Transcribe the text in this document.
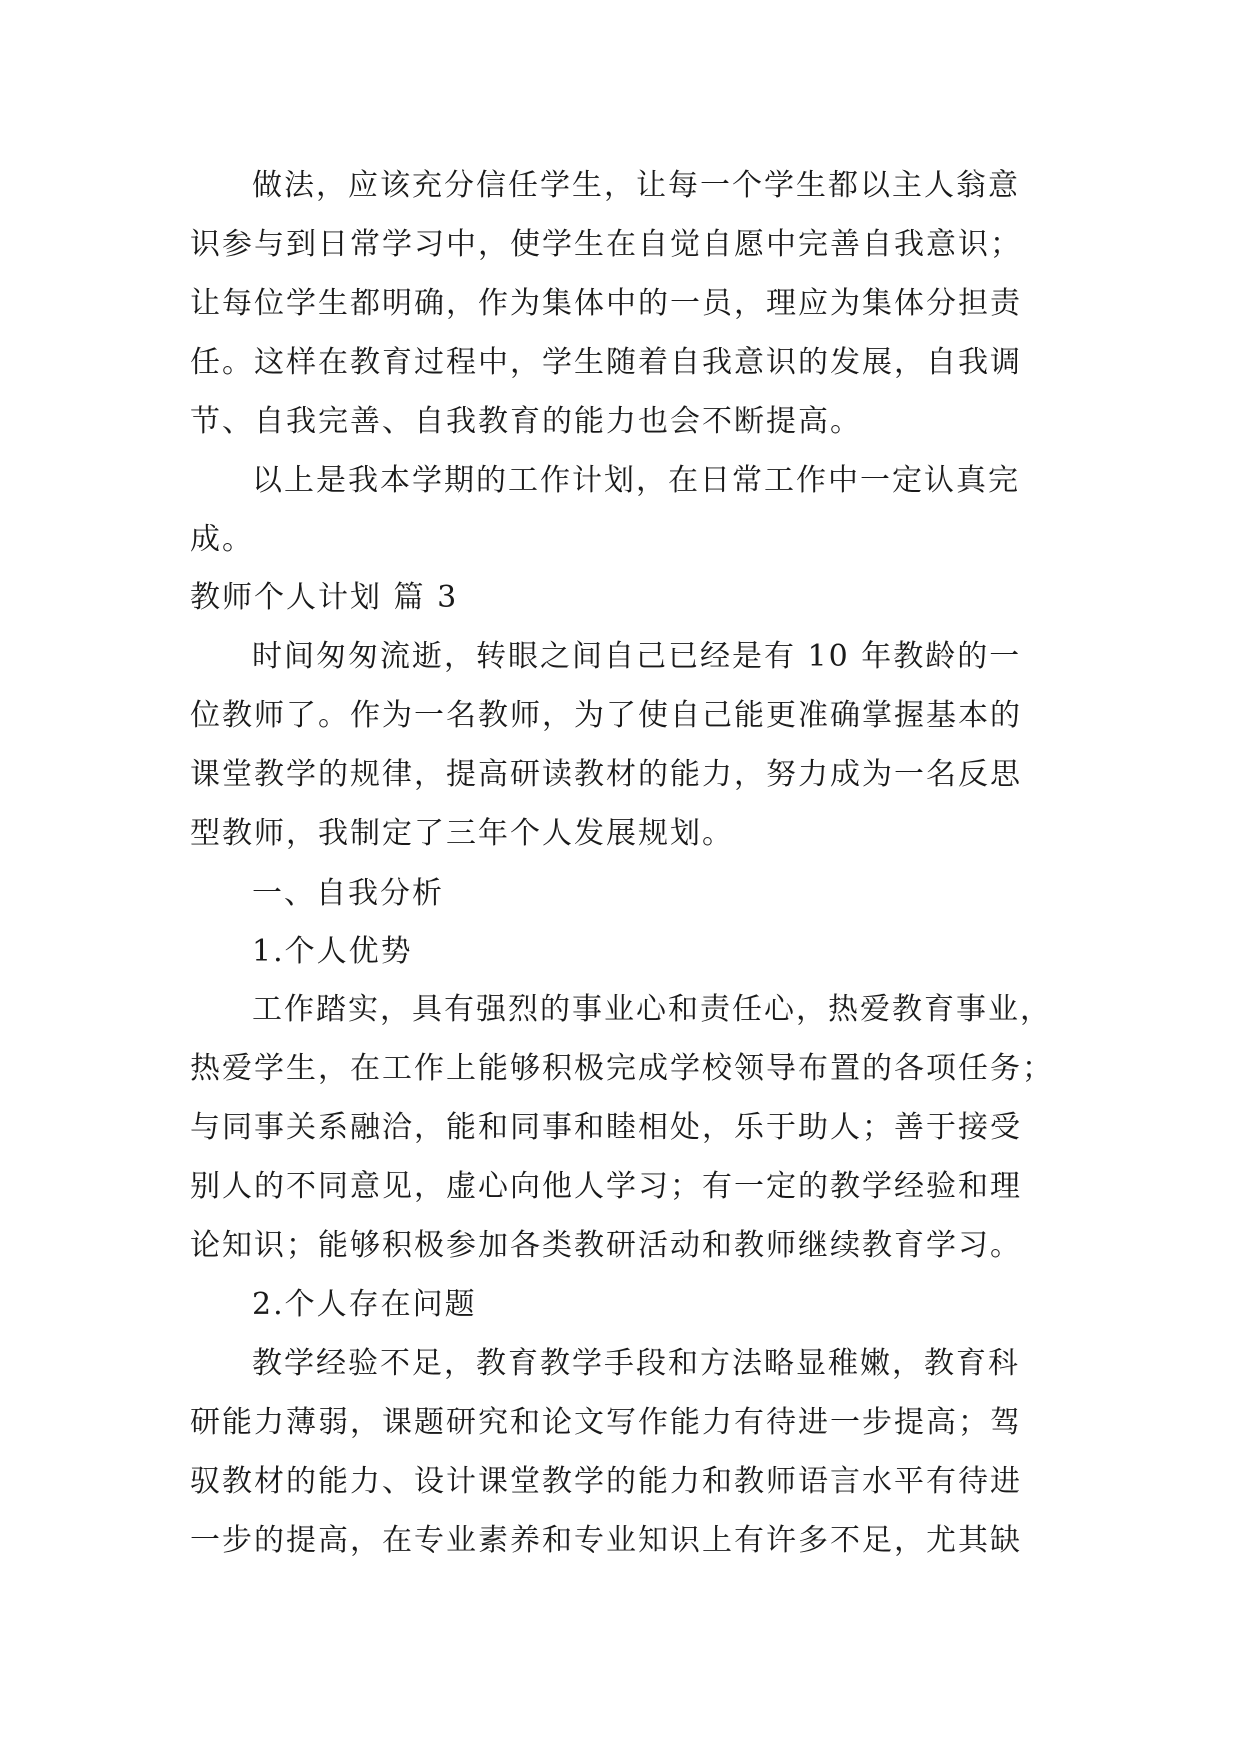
做法，应该充分信任学生，让每一个学生都以主人翁意
识参与到日常学习中，使学生在自觉自愿中完善自我意识；
让每位学生都明确，作为集体中的一员，理应为集体分担责
任。这样在教育过程中，学生随着自我意识的发展，自我调
节、自我完善、自我教育的能力也会不断提高。
以上是我本学期的工作计划，在日常工作中一定认真完
成。
教师个人计划 篇 3
时间匆匆流逝，转眼之间自己已经是有 10 年教龄的一
位教师了。作为一名教师，为了使自己能更准确掌握基本的
课堂教学的规律，提高研读教材的能力，努力成为一名反思
型教师，我制定了三年个人发展规划。
一、自我分析
1.个人优势
工作踏实，具有强烈的事业心和责任心，热爱教育事业，
热爱学生，在工作上能够积极完成学校领导布置的各项任务；
与同事关系融洽，能和同事和睦相处，乐于助人；善于接受
别人的不同意见，虚心向他人学习；有一定的教学经验和理
论知识；能够积极参加各类教研活动和教师继续教育学习。
2.个人存在问题
教学经验不足，教育教学手段和方法略显稚嫩，教育科
研能力薄弱，课题研究和论文写作能力有待进一步提高；驾
驭教材的能力、设计课堂教学的能力和教师语言水平有待进
一步的提高，在专业素养和专业知识上有许多不足，尤其缺
